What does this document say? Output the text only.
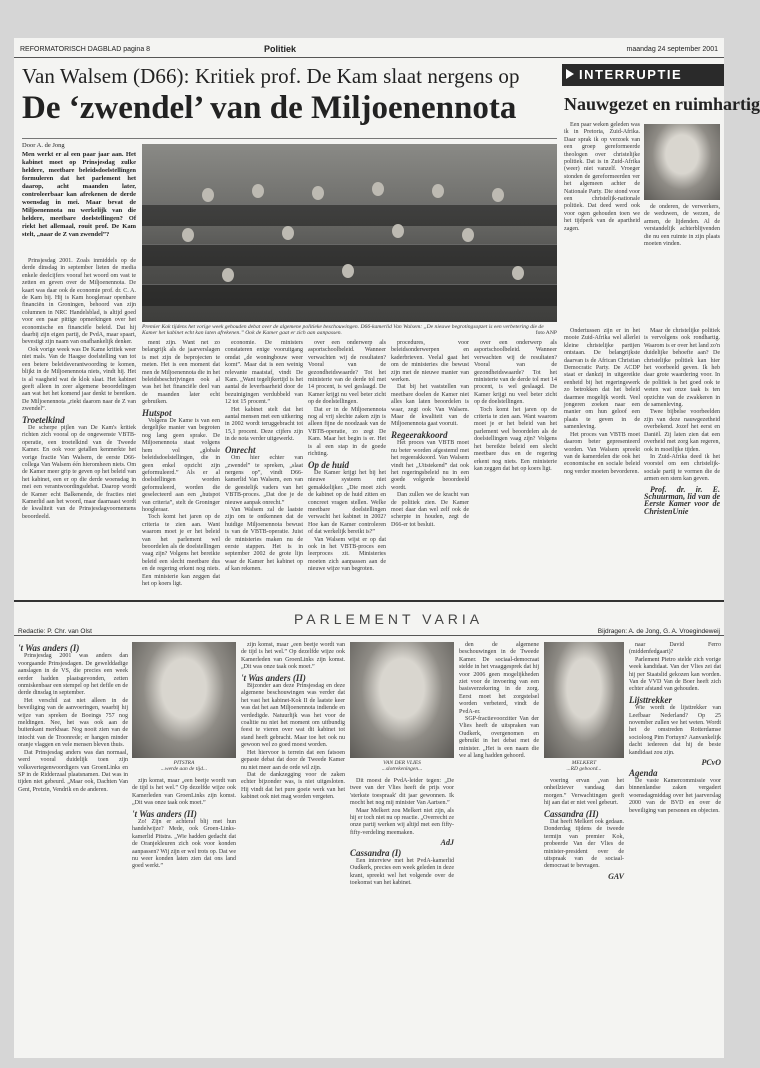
REFORMATORISCH DAGBLAD pagina 8	Politiek	maandag 24 september 2001
Van Walsem (D66): Kritiek prof. De Kam slaat nergens op
De ‘zwendel’ van de Miljoenennota
Door A. de Jong
Men werkt er al een paar jaar aan. Het kabinet moet op Prinsjesdag zulke heldere, meetbare beleidsdoelstellingen formuleren dat het parlement het daarop, acht maanden later, controleerbaar kan afrekenen de derde woensdag in mei. Maar bevat de Miljoenennota nu werkelijk van die heldere, meetbare doelstellingen? Of riekt het allemaal, rouit prof. De Kam stelt, „naar de Z van zwendel”?

Prinsjesdag 2001. Zoals inmiddels op de derde dinsdag in september lieten de media enkele deelcijfers vooraf het woord om vast te zetten en geven over de Miljoenennota. De kaart was daar ook de economie prof. dr. C. A. de Kam bij. Hij is Kam hoogleraar openbare financiën in Groningen, behoord van zijn columnen in NRC Handelsblad, is altijd goed voor een paar pittige opmerkingen over het economische en financiële beleid. Dat hij daarbij zijn eigen partij, de PvdA, maar spaart, bevestigt zijn naam van onafhankelijk denker.

Ook vorige week was De Kame kritiek weer niet mals. Van de Haagse doelstelling van tot een betere beleidsverantwoording te komen, blijkt in de Miljoenennota niets, vindt hij. Het is al vaagheid wat de klok slaat. Het kabinet geeft alleen in zeer algemene beoordelingen aan wat het het komend jaar denkt te bereiken. De Miljoenennota „riekt daarom naar de Z van zwendel”.

Troetelkind

De scherpe pijlen van De Kam's kritiek richten zich vooral op de ongewenste VBTB-operatie, een troetelkind van de Tweede Kamer. En ook voor getallen kenmerkte het vorige fractie Van Walsem, de eerste D66-collega Van Walsem één hieromheen niets. Om de Kamer meer grip te geven op het beleid van het kabinet, een er op die derde woensdag in mei een verantwoordingsdebat. Daarop wordt de Kamer echt Balkenende, de fracties niet Kamerlid aan het woord, maar daarnaast wordt de kwaliteit van de Prinsjesdagvoornemens beoordeeld.

Premier Kok tijdens het vorige week gehouden debat over de algemene politieke beschouwingen. D66-kamerlid Van Walsem: „De nieuwe begrotingsopzet is een verbetering die de Kamer het kabinet echt kan laten afrekenen.” Ook de Kamer gaat er zich aan aanpassen.	foto ANP

ment zijn. Want net zo belangrijk als de jaarverslagen is met zijn de beprojecten te meten. Het is een moment dat men de Miljoenennota die in het beleidsbeschrijvingen ook al was het het financiële deel van de maanden later echt gebruiken.

Hutspot

Volgens De Kame is van een dergelijke manier van begroten nog lang geen sprake. De Miljoenennota staat volgens hem vol „globale beleidsdoelstellingen, die in geen enkel opzicht zijn geformuleerd.” Als er al doelstellingen worden geformuleerd, worden die geselecteerd aan een „hutspot van criteria”, stelt de Groninger hoogleraar.

Toch komt het jaren op de criteria te zien aan. Want waarom moet je er het beleid van het parlement wel beoordelen als de doelstellingen vaag zijn? Volgens het bereikte beleid een slecht meetbare dus en de regering erkent nog niets. Een ministerie kan zeggen dat het op koers ligt.

economie. De ministers constateren enige vooruitgang omdat „de woningbouw weer komt”. Maar dat is een weinig relevante maatstaf, vindt De Kam. „Want tegelijkertijd is het aantal de leverbaarheid door de bezuinigingen verdubbeld van 12 tot 15 procent.”

Het kabinet stelt dat het aantal mensen met een uitkering in 2002 wordt teruggebracht tot 15,1 procent. Deze cijfers zijn in de nota verder uitgewerkt.

Onrecht

Om hier echter van „zwendel” te spreken, „slaat nergens op”, vindt D66-kamerlid Van Walsem, een van de geestelijk vaders van het VBTB-proces. „Dat doe je de nieuwe aanpak onrecht.”

Van Walsem zal de laatste zijn om te ontkennen dat de huidige Miljoenennota bewust is van de VBTB-operatie. Juist de ministeries maken nu de eerste stappen. Het is in september 2002 de grote lijn waar de Kamer het kabinet op af kan rekenen.

over een onderwerp als asportschoolbeleid. Wanneer verwachten wij de resultaten? Vooral van de gezondheidswaarde? Tot het ministerie van de derde tol met 14 procent, is wel geslaagd. De Kamer krijgt nu veel beter zicht op de doelstellingen.

Dat er in de Miljoenennota nog al vrij slechte zaken zijn is alleen fijne de noodzaak van de VBTB-operatie, zo zegt De Kam. Maar het begin is er. Het is al een stap in de goede richting.

Op de huid

De Kamer krijgt het bij het nieuwe systeem niet gemakkelijker. „Die moet zich de kabinet op de huid zitten en concreet vragen stellen. Welke meetbare doelstellingen verwacht het kabinet in 2002? Hoe kan de Kamer controleren of dat werkelijk bereikt is?”

Van Walsem wijst er op dat ook in het VBTB-proces een leerproces zit. Ministeries moeten zich aanpassen aan de nieuwe wijze van begroten.

procedures, voor beleidsonderwerpen en kaderbrieven. Veelal gaat het om de ministeries die bewust zijn met de nieuwe manier van werken.

Dat bij het vaststellen van meetbare doelen de Kamer niet alles kan laten beoordelen is waar, zegt ook Van Walsem. Maar de kwaliteit van de Miljoenennota gaat vooruit.

Regeerakkoord

Het proces van VBTB moet nu beter worden afgestemd met het regeerakkoord. Van Walsem vindt het „Uitstekend” dat ook het regeringsbeleid nu in een goede volgorde beoordeeld wordt.

Dan zullen we de kracht van de politiek zien. De Kamer moet daar dan wel zelf ook de scherpte in houden, zegt de D66-er tot besluit.

over een onderwerp als asportschoolbeleid. Wanneer verwachten wij de resultaten? Vooral van de gezondheidswaarde? Tot het ministerie van de derde tol met 14 procent, is wel geslaagd. De Kamer krijgt nu veel beter zicht op de doelstellingen.

Toch komt het jaren op de criteria te zien aan. Want waarom moet je er het beleid van het parlement wel beoordelen als de doelstellingen vaag zijn? Volgens het bereikte beleid een slecht meetbare dus en de regering erkent nog niets. Een ministerie kan zeggen dat het op koers ligt.

INTERRUPTIE
Nauwgezet en ruimhartig

Een paar weken geleden was ik in Pretoria, Zuid-Afrika. Daar sprak ik op verzoek van een groep gereformeerde theologen over christelijke politiek. Dat is in Zuid-Afrika (weer) niet vanzelf. Vroeger stonden de gereformeerden ver het algemeen achter de Nationale Party. Die stond voor een christelijk-nationale politiek. Dat deed werd ook voor ogen gehouden toen we het tijdperk van de apartheid zagen.

de onderen, de verwerkers, de weduwen, de wezen, de armen, de lijdenden. Al de verstandelijk achterblijvenden die nu een ruimte in zijn plaats moeten vinden.

Ondertussen zijn er in het mooie Zuid-Afrika wel allerlei kleine christelijke partijen ontstaan. De belangrijkste daarvan is de African Christian Democratic Party. De ACDP staat er dankzij in uitgereikte eenheid bij het regeringswerk zo betrokken dat het beleid daarmee mogelijk wordt. Veel jongeren zoeken naar een manier om hun geloof een plaats te geven in de samenleving.

Het proces van VBTB moet daarom beter gepresenteerd worden. Van Walsem spreekt van de kamerdelen die ook het economische en sociale beleid nog verder moeten bevorderen.

Maar de christelijke politiek is vervolgens ook rondhartig. Waarom is er over het land zo'n duidelijke behoefte aan? De christelijke politiek kan hier het voorbeeld geven. Ik heb daar grote waardering voor. In de politiek is het goed ook te weten wat onze taak is ten opzichte van de zwakkeren in de samenleving.

Twee bijbelse voorbeelden zijn van deze nauwgezetheid overbekend. Jozef het eerst en Daniël. Zij laten zien dat een overheid met zorg kan regeren, ook in moeilijke tijden.

In Zuid-Afrika deed ik het voorstel om een christelijk-sociale partij te vormen die de armen een stem kan geven.

Prof. dr. ir. E. Schuurman, lid van de Eerste Kamer voor de ChristenUnie

PARLEMENT VARIA
Redactie: P. Chr. van Olst	Bijdragen: A. de Jong, G. A. Vroegindeweij
't Was anders (I)

Prinsjesdag 2001 was anders dan voorgaande Prinsjesdagen. De gewelddadige aanslagen in de VS, die precies een week eerder hadden plaatsgevonden, zetten onmiskenbaar een stempel op het defile en de derde dinsdag in september.

Het verschil zat niet alleen in de beveiliging van de aanvoeringen, waarbij hij wijze van spreken de Boeings 757 nog meldingen. Nee, het was ook aan de buitenkant merkbaar. Nog nooit zien van de intocht van de Troonrede; er hangen minder oranje vlaggen en vele mensen bleven thuis.

Dat Prinsjesdag anders was dan normaal, werd vooral duidelijk toen zijn volksvertegenwoordigers van GroenLinks en SP in de Ridderzaal plaatsnamen. Dat was in tijden niet gebeurd. „Maar ook, Dachten Van Gent, Pretzin, Vendrik en de anderen.

PITSTRA
...werde aan de tijd...

zijn komst, maar „een beetje wordt van de tijd is het wel.” Op dezelfde wijze ook Kamerleden van GroenLinks zijn komst. „Dit was onze taak ook moet.”

't Was anders (II)

Zo! Zijn er achteraf blij met hun handelwijze? Mede, ook Groen-Links-kamerlid Pitstra. „Wie hadden gedacht dat de Oranjekleuren zich ook voor konden aanpassen? Wij zijn er wel trots op. Dat we nu weer konden laten zien dat ons land goed werkt.”

zijn komst, maar „een beetje wordt van de tijd is het wel.” Op dezelfde wijze ook Kamerleden van GroenLinks zijn komst. „Dit was onze taak ook moet.”

't Was anders (II)

Bijzonder aan deze Prinsjesdag en deze algemene beschouwingen was verder dat het vast het kabinet-Kok II de laatste keer was dat het aan Miljoenennota indiende en verdedigde. Natuurlijk was het voor de coalitie nu niet het moment om uitbundig feest te vieren over wat dit kabinet tot stand heeft gebracht. Maar toe het ook nu gewoon wel zo goed moest worden.

Het hiervoor is terrein dat een fatsoen gepaste debat dat door de Tweede Kamer nu niet meer aan de orde wil zijn.

Dat de dankzegging voor de zaken echter bijzonder was, is niet uitgesloten. Hij vindt dat het pure goeie werk van het kabinet ook niet mag worden vergeten.

VAN DER VLIES
...slotrekeningen...

Dit moest de PvdA-leider tegen: „De twee van der Vlies heeft de prijs voor 'sterkste toespraak' dit jaar gewonnen. Ik mocht het nog mij minister Van Aartsen.”

Maar Melkert zou Melkert niet zijn, als hij er toch niet nu op reactie. „Overrecht ze onze partij werken wij altijd met een fifty-fifty-verdeling meemaken.

AdJ

Cassandra (I)

Een interview met het PvdA-kamerlid Oudkerk, precies een week geleden in deze krant, spreekt wel het volgende over de toekomst van het kabinet.

den de algemene beschouwingen in de Tweede Kamer. De sociaal-democraat stelde in het vraaggesprek dat hij voor 2006 geen mogelijkheden ziet voor de invoering van een basisverzekering in de zorg. Eerst moet het zorgstelsel worden verbeterd, vindt de PvdA-er.

SGP-fractievoorzitter Van der Vlies heeft de uitspraken van Oudkerk, overgenomen en gebruikt in het debat met de minister. „Het is een naam die we al lang hadden gehoord.

MELKERT
...RD geboord...

voering ervan „van het onheilziever vandaag dan morgen.” Verwachtingen geeft hij aan dat er niet veel gebeurt.

Cassandra (II)

Dat heeft Melkert ook gedaan. Donderdag tijdens de tweede termijn van premier Kok, probeerde Van der Vlies de minister-president over de uitspraak van de sociaal-democraat te bevragen.

GAV

naar David Ferro (middenfedgaart)?

Parlement Pietro stelde zich vorige week kandidaat. Van der Vlies zei dat hij per Staatslid gekozen kan worden. Van de VVD Van de Boer heeft zich echter afstand van gehouden.

Lijsttrekker

Wie wordt de lijsttrekker van Leefbaar Nederland? Op 25 november zullen we het weten. Wordt het de omstreden Rotterdamse socioloog Pim Fortuyn? Aanvankelijk dacht iedereen dat hij de beste kandidaat zou zijn.

PCvO

Agenda

De vaste Kamercommissie voor binnenlandse zaken vergadert woensdagmiddag over het jaarverslag 2000 van de BVD en over de beveiliging van personen en objecten.
